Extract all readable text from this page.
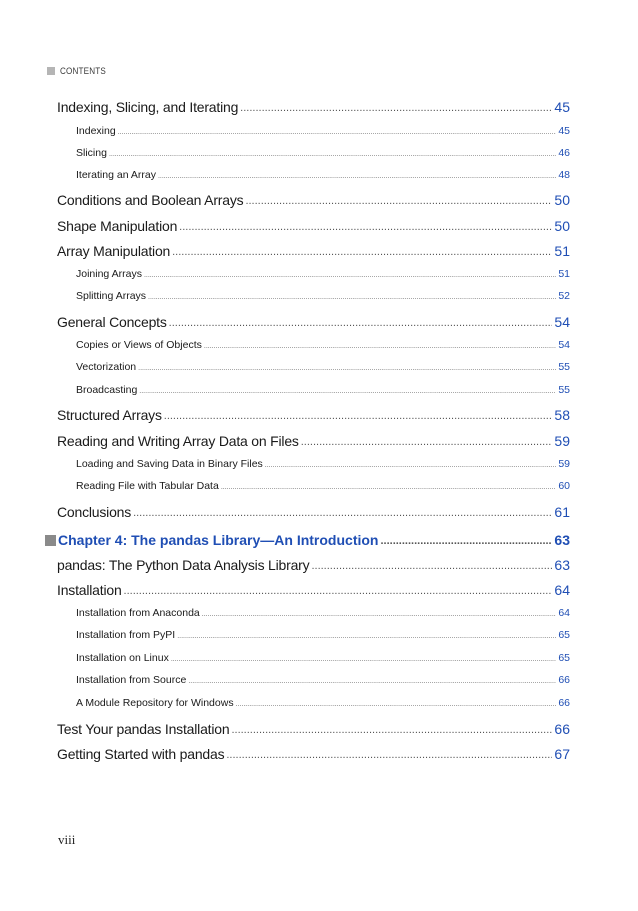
CONTENTS
Indexing, Slicing, and Iterating .....	45
Indexing .....	45
Slicing .....	46
Iterating an Array .....	48
Conditions and Boolean Arrays .....	50
Shape Manipulation .....	50
Array Manipulation .....	51
Joining Arrays .....	51
Splitting Arrays .....	52
General Concepts .....	54
Copies or Views of Objects .....	54
Vectorization .....	55
Broadcasting .....	55
Structured Arrays .....	58
Reading and Writing Array Data on Files .....	59
Loading and Saving Data in Binary Files .....	59
Reading File with Tabular Data .....	60
Conclusions .....	61
Chapter 4: The pandas Library—An Introduction .....	63
pandas: The Python Data Analysis Library .....	63
Installation .....	64
Installation from Anaconda .....	64
Installation from PyPI .....	65
Installation on Linux .....	65
Installation from Source .....	66
A Module Repository for Windows .....	66
Test Your pandas Installation .....	66
Getting Started with pandas .....	67
viii
